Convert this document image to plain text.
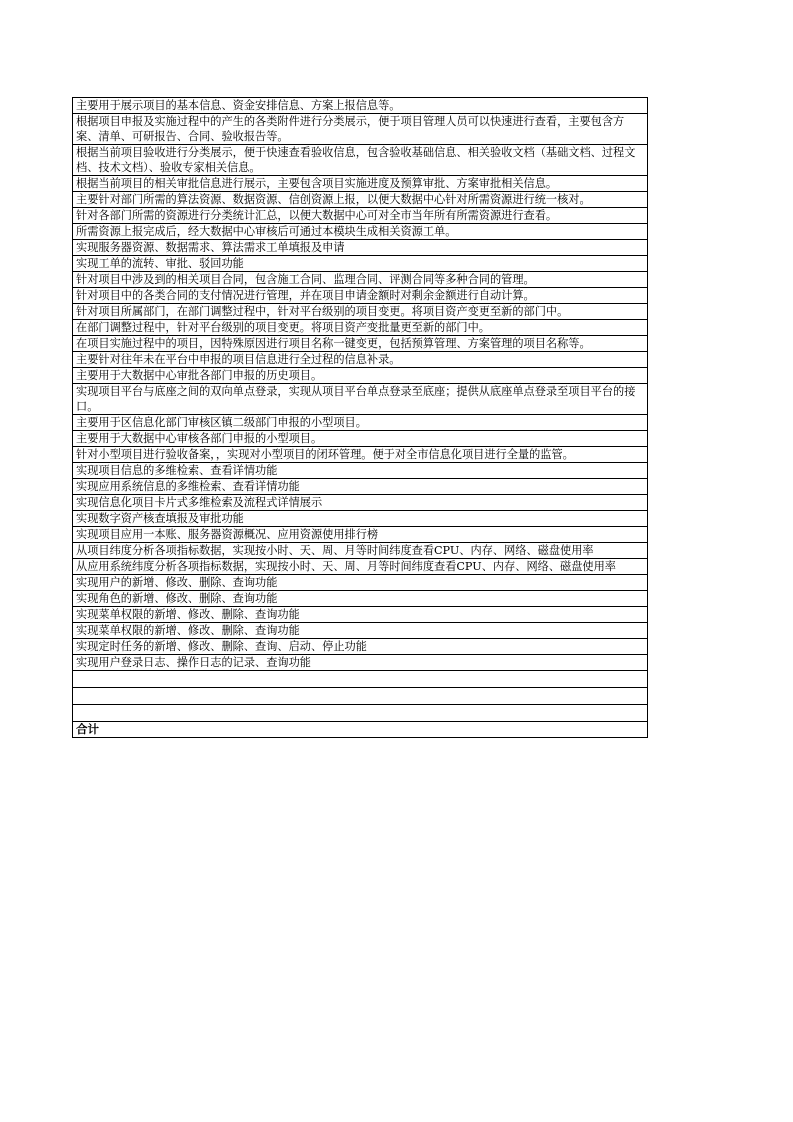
主要用于展示项目的基本信息、资金安排信息、方案上报信息等。
根据项目申报及实施过程中的产生的各类附件进行分类展示，便于项目管理人员可以快速进行查看，主要包含方案、清单、可研报告、合同、验收报告等。
根据当前项目验收进行分类展示，便于快速查看验收信息，包含验收基础信息、相关验收文档（基础文档、过程文档、技术文档）、验收专家相关信息。
根据当前项目的相关审批信息进行展示，主要包含项目实施进度及预算审批、方案审批相关信息。
主要针对部门所需的算法资源、数据资源、信创资源上报，以便大数据中心针对所需资源进行统一核对。
针对各部门所需的资源进行分类统计汇总，以便大数据中心可对全市当年所有所需资源进行查看。
所需资源上报完成后，经大数据中心审核后可通过本模块生成相关资源工单。
实现服务器资源、数据需求、算法需求工单填报及申请
实现工单的流转、审批、驳回功能
针对项目中涉及到的相关项目合同，包含施工合同、监理合同、评测合同等多种合同的管理。
针对项目中的各类合同的支付情况进行管理，并在项目申请金额时对剩余金额进行自动计算。
针对项目所属部门，在部门调整过程中，针对平台级别的项目变更。将项目资产变更至新的部门中。
在部门调整过程中，针对平台级别的项目变更。将项目资产变批量更至新的部门中。
在项目实施过程中的项目，因特殊原因进行项目名称一键变更，包括预算管理、方案管理的项目名称等。
主要针对往年未在平台中申报的项目信息进行全过程的信息补录。
主要用于大数据中心审批各部门申报的历史项目。
实现项目平台与底座之间的双向单点登录，实现从项目平台单点登录至底座；提供从底座单点登录至项目平台的接口。
主要用于区信息化部门审核区镇二级部门申报的小型项目。
主要用于大数据中心审核各部门申报的小型项目。
针对小型项目进行验收备案，，实现对小型项目的闭环管理。便于对全市信息化项目进行全量的监管。
实现项目信息的多维检索、查看详情功能
实现应用系统信息的多维检索、查看详情功能
实现信息化项目卡片式多维检索及流程式详情展示
实现数字资产核查填报及审批功能
实现项目应用一本账、服务器资源概况、应用资源使用排行榜
从项目纬度分析各项指标数据，实现按小时、天、周、月等时间纬度查看CPU、内存、网络、磁盘使用率
从应用系统纬度分析各项指标数据，实现按小时、天、周、月等时间纬度查看CPU、内存、网络、磁盘使用率
实现用户的新增、修改、删除、查询功能
实现角色的新增、修改、删除、查询功能
实现菜单权限的新增、修改、删除、查询功能
实现菜单权限的新增、修改、删除、查询功能
实现定时任务的新增、修改、删除、查询、启动、停止功能
实现用户登录日志、操作日志的记录、查询功能

合计
